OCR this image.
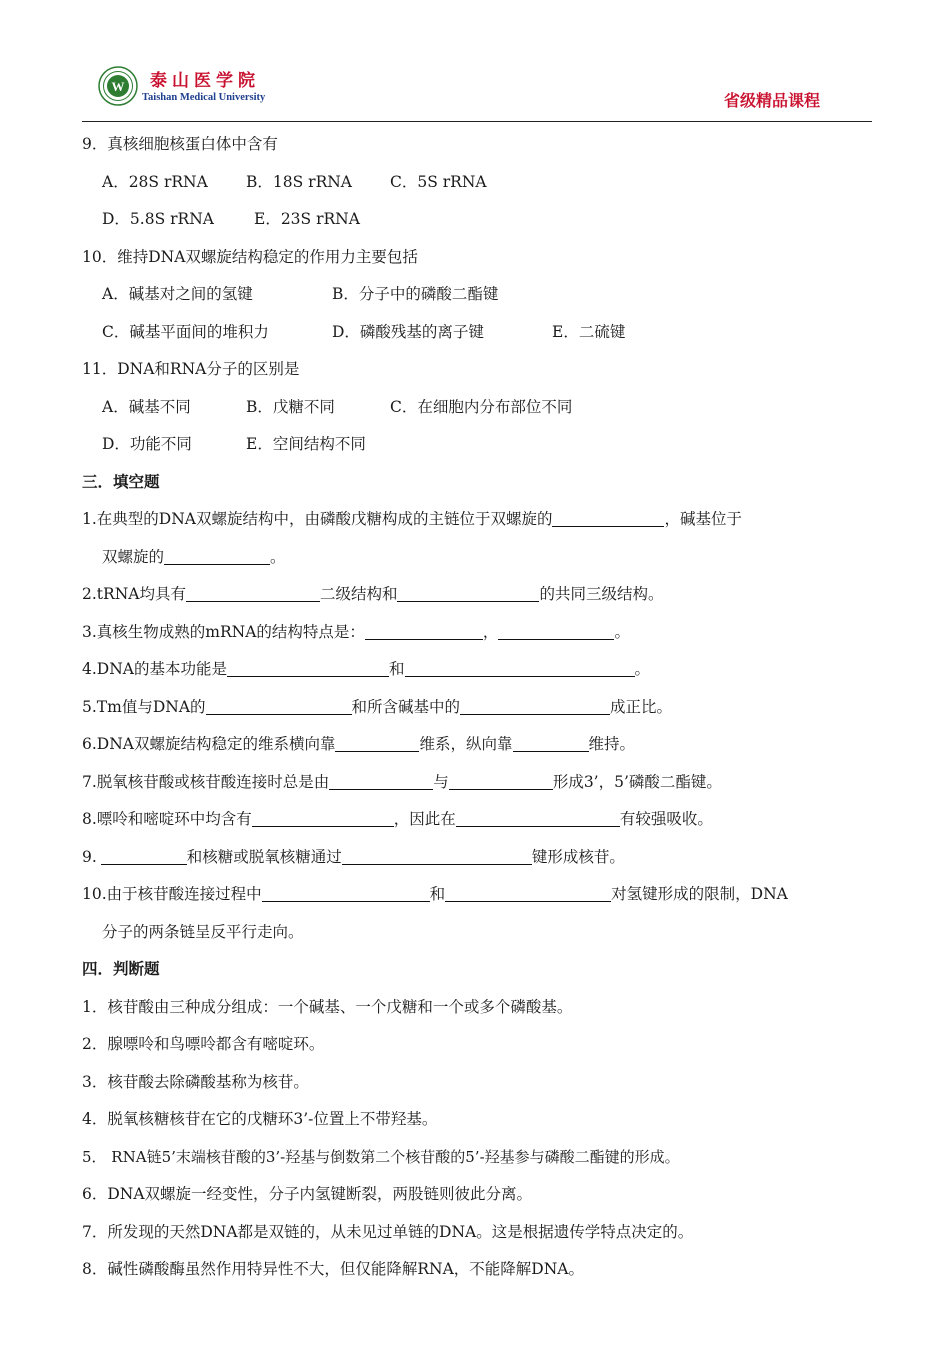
W 泰山医学院
Taishan Medical University	省级精品课程
9．真核细胞核蛋白体中含有
A．28S rRNA B．18S rRNA C．5S rRNA
D．5.8S rRNA	E．23S rRNA
10．维持DNA双螺旋结构稳定的作用力主要包括
A．碱基对之间的氢键	B．分子中的磷酸二酯键
C．碱基平面间的堆积力	D．磷酸残基的离子键	E．二硫键
11．DNA和RNA分子的区别是
A．碱基不同	B．戊糖不同	C．在细胞内分布部位不同
D．功能不同	E．空间结构不同
三．填空题
1.在典型的DNA双螺旋结构中，由磷酸戊糖构成的主链位于双螺旋的	，碱基位于
双螺旋的	。
2.tRNA均具有	二级结构和	的共同三级结构。
3.真核生物成熟的mRNA的结构特点是：	，	。
4.DNA的基本功能是	和	。
5.Tm值与DNA的	和所含碱基中的	成正比。
6.DNA双螺旋结构稳定的维系横向靠	维系，纵向靠	维持。
7.脱氧核苷酸或核苷酸连接时总是由	与	形成3’，5’磷酸二酯键。
8.嘌呤和嘧啶环中均含有	，因此在	有较强吸收。
9.	和核糖或脱氧核糖通过	键形成核苷。
10.由于核苷酸连接过程中	和	对氢键形成的限制，DNA
分子的两条链呈反平行走向。
四．判断题
1．核苷酸由三种成分组成：一个碱基、一个戊糖和一个或多个磷酸基。
2．腺嘌呤和鸟嘌呤都含有嘧啶环。
3．核苷酸去除磷酸基称为核苷。
4．脱氧核糖核苷在它的戊糖环3’-位置上不带羟基。
5． RNA链5’末端核苷酸的3’-羟基与倒数第二个核苷酸的5’-羟基参与磷酸二酯键的形成。
6．DNA双螺旋一经变性，分子内氢键断裂，两股链则彼此分离。
7．所发现的天然DNA都是双链的，从未见过单链的DNA。这是根据遗传学特点决定的。
8．碱性磷酸酶虽然作用特异性不大，但仅能降解RNA，不能降解DNA。
